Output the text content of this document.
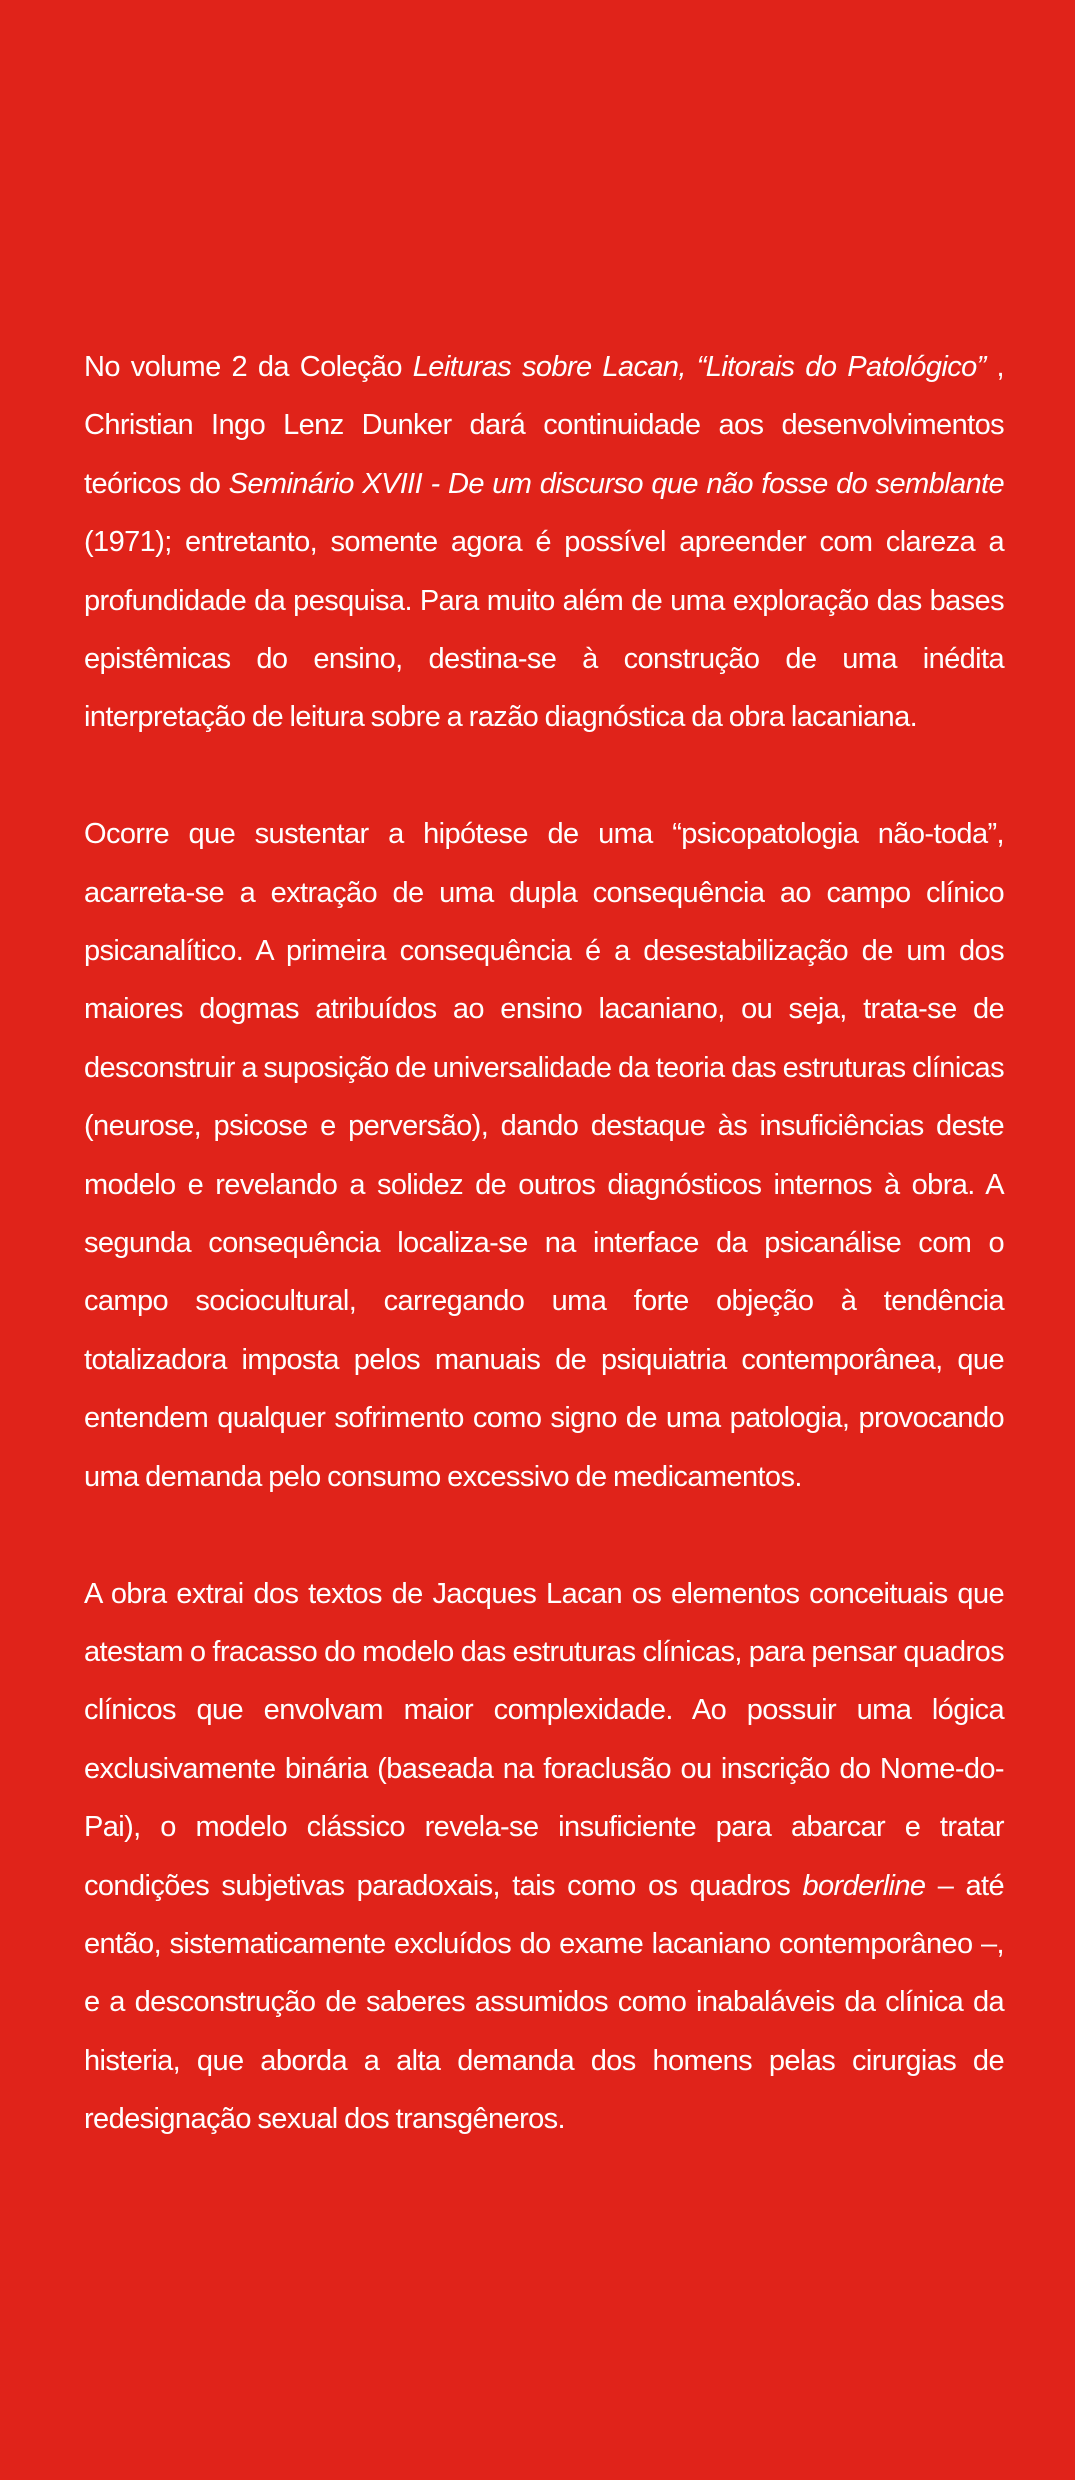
No volume 2 da Coleção Leituras sobre Lacan, “Litorais do Patológico” , Christian Ingo Lenz Dunker dará continuidade aos desenvolvimentos teóricos do Seminário XVIII - De um discurso que não fosse do semblante (1971); entretanto, somente agora é possível apreender com clareza a profundidade da pesquisa. Para muito além de uma exploração das bases epistêmicas do ensino, destina-se à construção de uma inédita interpretação de leitura sobre a razão diagnóstica da obra lacaniana.

Ocorre que sustentar a hipótese de uma “psicopatologia não-toda”, acarreta-se a extração de uma dupla consequência ao campo clínico psicanalítico. A primeira consequência é a desestabilização de um dos maiores dogmas atribuídos ao ensino lacaniano, ou seja, trata-se de desconstruir a suposição de universalidade da teoria das estruturas clínicas (neurose, psicose e perversão), dando destaque às insuficiências deste modelo e revelando a solidez de outros diagnósticos internos à obra. A segunda consequência localiza-se na interface da psicanálise com o campo sociocultural, carregando uma forte objeção à tendência totalizadora imposta pelos manuais de psiquiatria contemporânea, que entendem qualquer sofrimento como signo de uma patologia, provocando uma demanda pelo consumo excessivo de medicamentos.

A obra extrai dos textos de Jacques Lacan os elementos conceituais que atestam o fracasso do modelo das estruturas clínicas, para pensar quadros clínicos que envolvam maior complexidade. Ao possuir uma lógica exclusivamente binária (baseada na foraclusão ou inscrição do Nome-do-Pai), o modelo clássico revela-se insuficiente para abarcar e tratar condições subjetivas paradoxais, tais como os quadros borderline – até então, sistematicamente excluídos do exame lacaniano contemporâneo –, e a desconstrução de saberes assumidos como inabaláveis da clínica da histeria, que aborda a alta demanda dos homens pelas cirurgias de redesignação sexual dos transgêneros.
